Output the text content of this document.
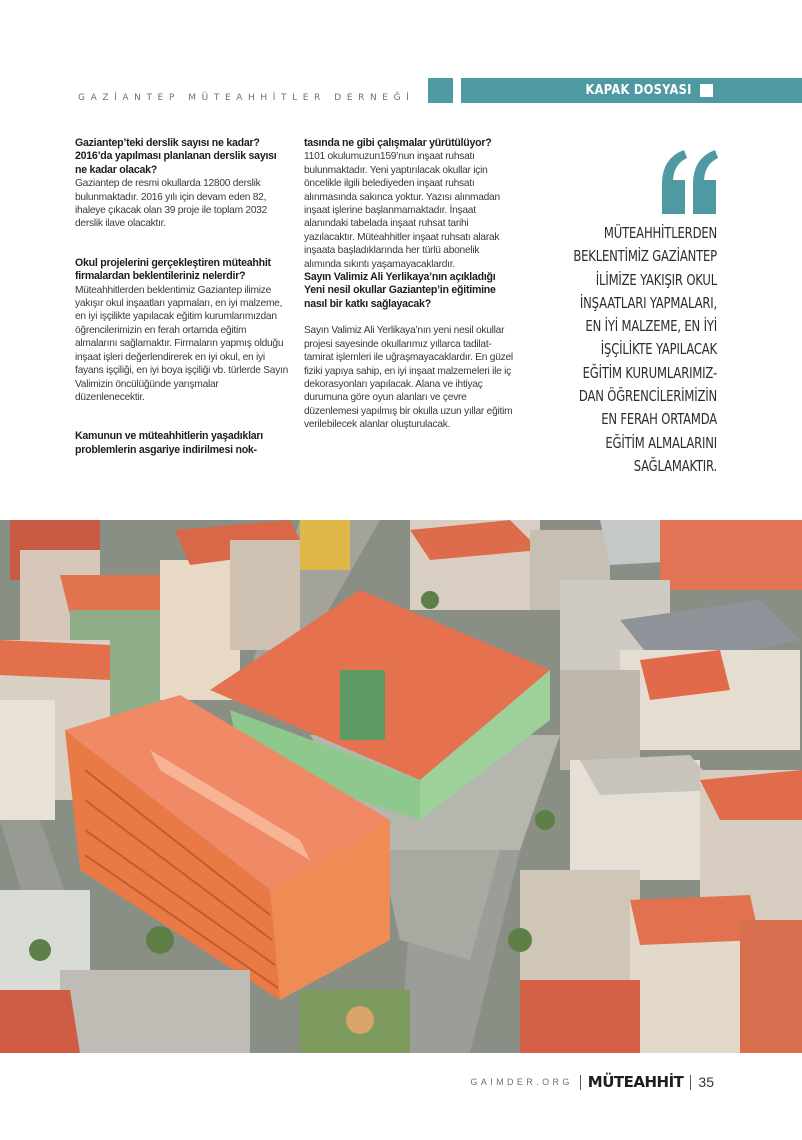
GAZİANTEP MÜTEAHHİTLER DERNEĞİ	KAPAK DOSYASI

Gaziantep’teki derslik sayısı ne kadar? 2016’da yapılması planlanan derslik sayısı ne kadar olacak?

Gaziantep de resmi okullarda 12800 derslik bulunmaktadır. 2016 yılı için devam eden 82, ihaleye çıkacak olan 39 proje ile toplam 2032 derslik ilave olacaktır.

Okul projelerini gerçekleştiren müteahhit firmalardan beklentileriniz nelerdir?

Müteahhitlerden beklentimiz Gaziantep ilimize yakışır okul inşaatları yapmaları, en iyi malzeme, en iyi işçilikte yapılacak eğitim kurumlarımızdan öğrencilerimizin en ferah ortamda eğitim almalarını sağlamaktır. Firmaların yapmış olduğu inşaat işleri değerlendirerek en iyi okul, en iyi fayans işçiliği, en iyi boya işçiliği vb. türlerde Sayın Valimizin öncülüğünde yarışmalar düzenlenecektir.

Kamunun ve müteahhitlerin yaşadıkları problemlerin asgariye indirilmesi nok-

tasında ne gibi çalışmalar yürütülüyor?

1101 okulumuzun159’nun inşaat ruhsatı bulunmaktadır. Yeni yaptırılacak okullar için öncelikle ilgili belediyeden inşaat ruhsatı alınmasında sakınca yoktur. Yazısı alınmadan inşaat işlerine başlanmamaktadır. İnşaat alanındaki tabelada inşaat ruhsat tarihi yazılacaktır. Müteahhitler inşaat ruhsatı alarak inşaata başladıklarında her türlü abonelik alımında sıkıntı yaşamayacaklardır.

Sayın Valimiz Ali Yerlikaya’nın açıkladığı Yeni nesil okullar Gaziantep’in eğitimine nasıl bir katkı sağlayacak?

Sayın Valimiz Ali Yerlikaya’nın yeni nesil okullar projesi sayesinde okullarımız yıllarca tadilat- tamirat işlemleri ile uğraşmayacaklardır. En güzel fiziki yapıya sahip, en iyi inşaat malzemeleri ile iç dekorasyonları yapılacak. Alana ve ihtiyaç durumuna göre oyun alanları ve çevre düzenlemesi yapılmış bir okulla uzun yıllar eğitim verilebilecek alanlar oluşturulacak.

MÜTEAHHİTLERDEN
BEKLENTİMİZ GAZİANTEP
İLİMİZE YAKIŞIR OKUL
İNŞAATLARI YAPMALARI,
EN İYİ MALZEME, EN İYİ
İŞÇİLİKTE YAPILACAK
EĞİTİM KURUMLARIMIZ-
DAN ÖĞRENCİLERİMİZİN
EN FERAH ORTAMDA
EĞİTİM ALMALARINI
SAĞLAMAKTIR.
GAIMDER.ORG MÜTEAHHİT 35
